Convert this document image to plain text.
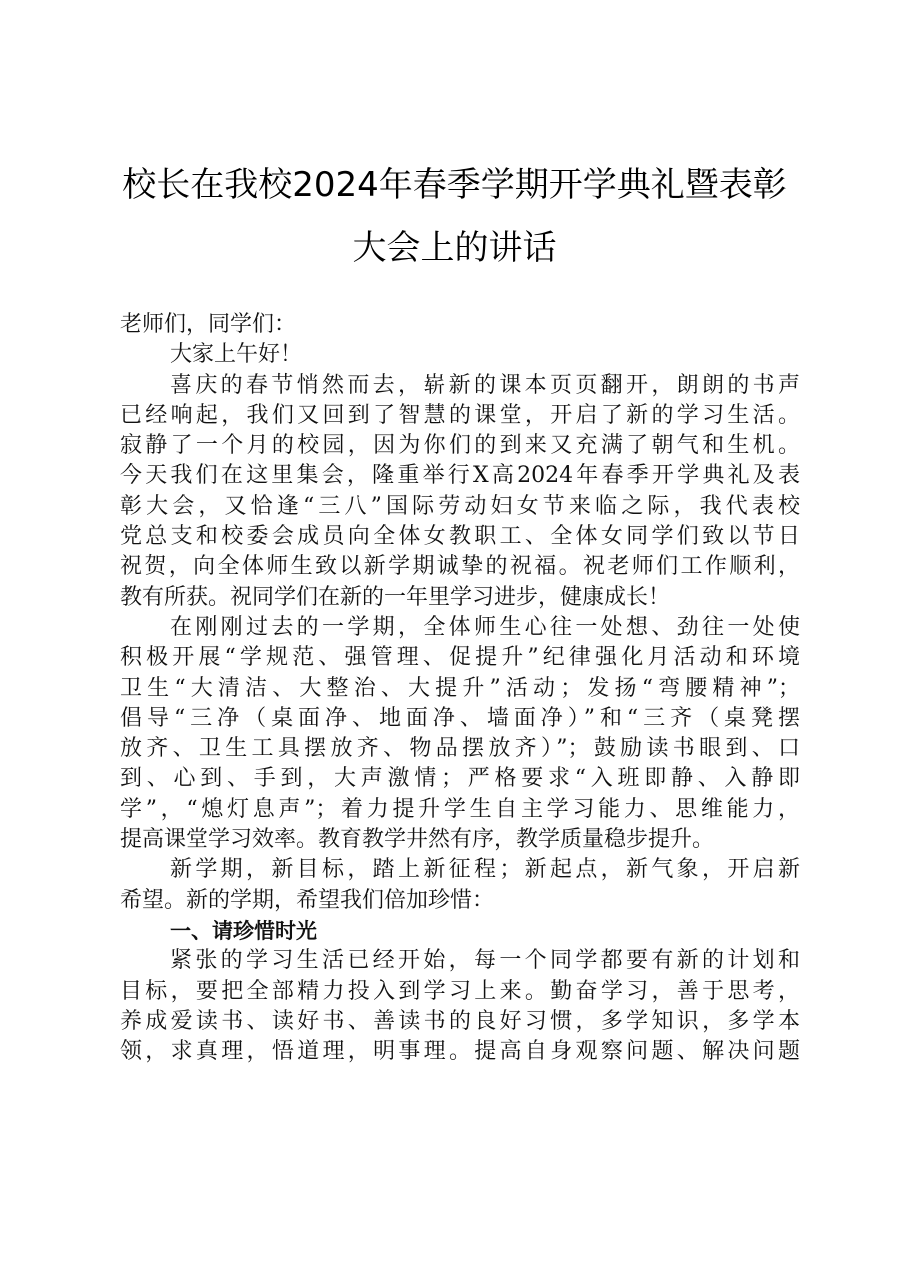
校长在我校2024年春季学期开学典礼暨表彰
大会上的讲话
老师们，同学们：
大家上午好！
喜庆的春节悄然而去，崭新的课本页页翻开，朗朗的书声
已经响起，我们又回到了智慧的课堂，开启了新的学习生活。
寂静了一个月的校园，因为你们的到来又充满了朝气和生机。
今天我们在这里集会，隆重举行X高2024年春季开学典礼及表
彰大会，又恰逢“三八”国际劳动妇女节来临之际，我代表校
党总支和校委会成员向全体女教职工、全体女同学们致以节日
祝贺，向全体师生致以新学期诚挚的祝福。祝老师们工作顺利，
教有所获。祝同学们在新的一年里学习进步，健康成长！
在刚刚过去的一学期，全体师生心往一处想、劲往一处使
积极开展“学规范、强管理、促提升”纪律强化月活动和环境
卫生“大清洁、大整治、大提升”活动；发扬“弯腰精神”；
倡导“三净（桌面净、地面净、墙面净）”和“三齐（桌凳摆
放齐、卫生工具摆放齐、物品摆放齐）”；鼓励读书眼到、口
到、心到、手到，大声激情；严格要求“入班即静、入静即
学”，“熄灯息声”；着力提升学生自主学习能力、思维能力，
提高课堂学习效率。教育教学井然有序，教学质量稳步提升。
新学期，新目标，踏上新征程；新起点，新气象，开启新
希望。新的学期，希望我们倍加珍惜：
一、请珍惜时光
紧张的学习生活已经开始，每一个同学都要有新的计划和
目标，要把全部精力投入到学习上来。勤奋学习，善于思考，
养成爱读书、读好书、善读书的良好习惯，多学知识，多学本
领，求真理，悟道理，明事理。提高自身观察问题、解决问题
